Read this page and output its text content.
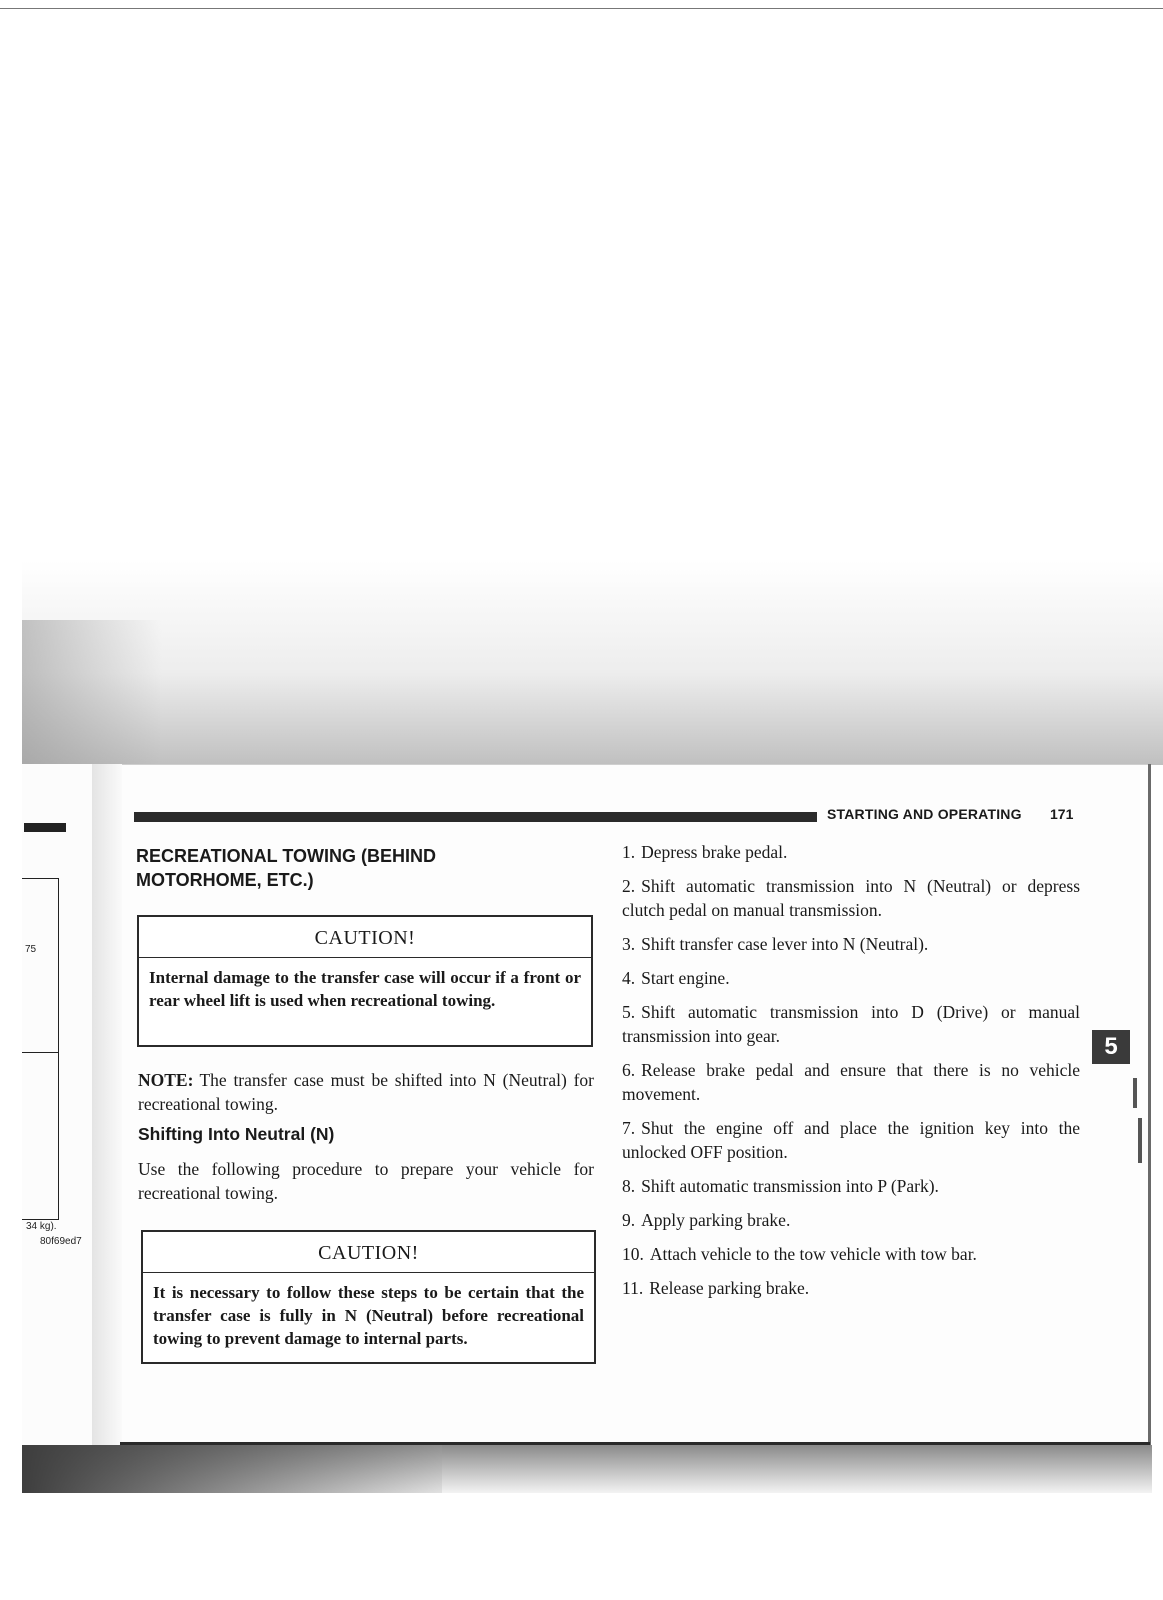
75
34 kg).
80f69ed7
STARTING AND OPERATING 171
RECREATIONAL TOWING (BEHIND MOTORHOME, ETC.)
CAUTION!
Internal damage to the transfer case will occur if a front or rear wheel lift is used when recreational towing.
NOTE: The transfer case must be shifted into N (Neutral) for recreational towing.
Shifting Into Neutral (N)
Use the following procedure to prepare your vehicle for recreational towing.
CAUTION!
It is necessary to follow these steps to be certain that the transfer case is fully in N (Neutral) before recreational towing to prevent damage to internal parts.
1. Depress brake pedal.
2. Shift automatic transmission into N (Neutral) or depress clutch pedal on manual transmission.
3. Shift transfer case lever into N (Neutral).
4. Start engine.
5. Shift automatic transmission into D (Drive) or manual transmission into gear.
6. Release brake pedal and ensure that there is no vehicle movement.
7. Shut the engine off and place the ignition key into the unlocked OFF position.
8. Shift automatic transmission into P (Park).
9. Apply parking brake.
10. Attach vehicle to the tow vehicle with tow bar.
11. Release parking brake.
5
